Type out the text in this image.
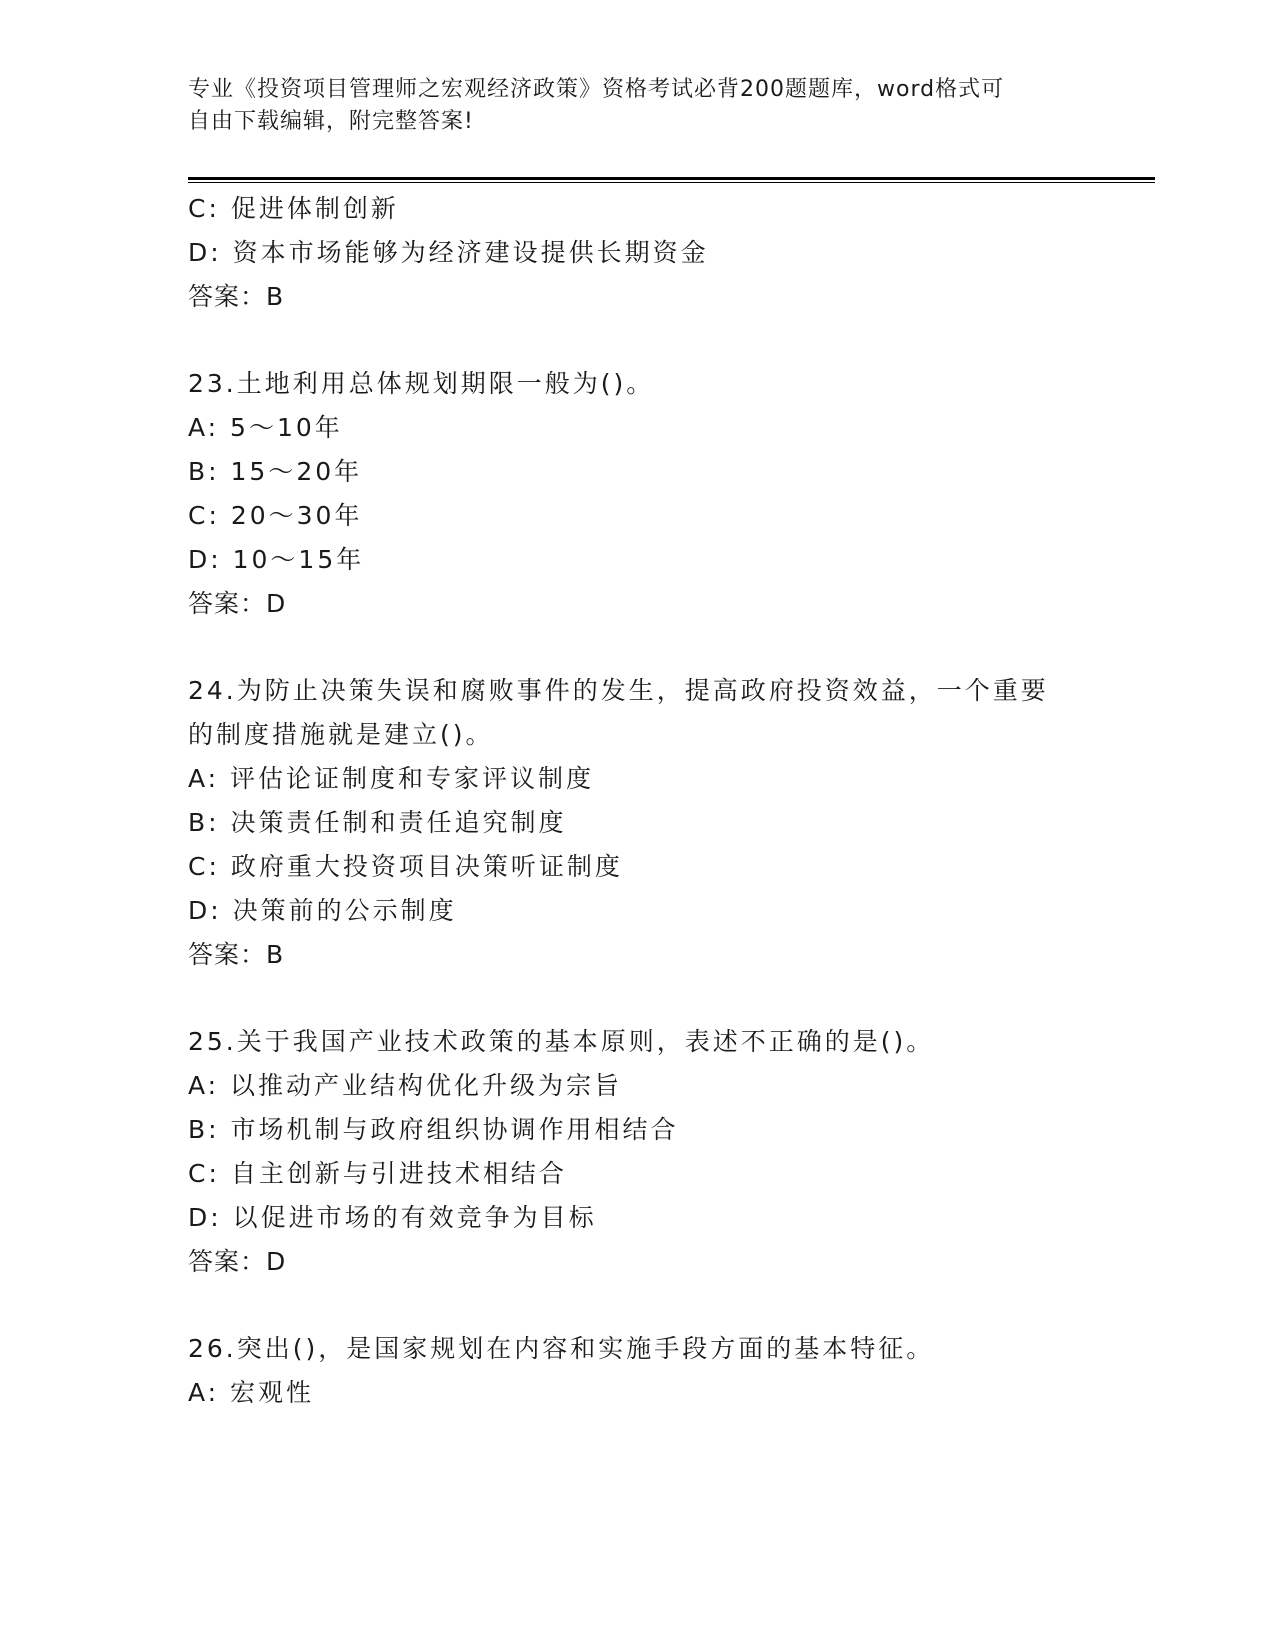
专业《投资项目管理师之宏观经济政策》资格考试必背200题题库，word格式可
自由下载编辑，附完整答案!
C: 促进体制创新
D: 资本市场能够为经济建设提供长期资金
答案：B
23.土地利用总体规划期限一般为()。
A: 5～10年
B: 15～20年
C: 20～30年
D: 10～15年
答案：D
24.为防止决策失误和腐败事件的发生，提高政府投资效益，一个重要
的制度措施就是建立()。
A: 评估论证制度和专家评议制度
B: 决策责任制和责任追究制度
C: 政府重大投资项目决策听证制度
D: 决策前的公示制度
答案：B
25.关于我国产业技术政策的基本原则，表述不正确的是()。
A: 以推动产业结构优化升级为宗旨
B: 市场机制与政府组织协调作用相结合
C: 自主创新与引进技术相结合
D: 以促进市场的有效竞争为目标
答案：D
26.突出()，是国家规划在内容和实施手段方面的基本特征。
A: 宏观性
